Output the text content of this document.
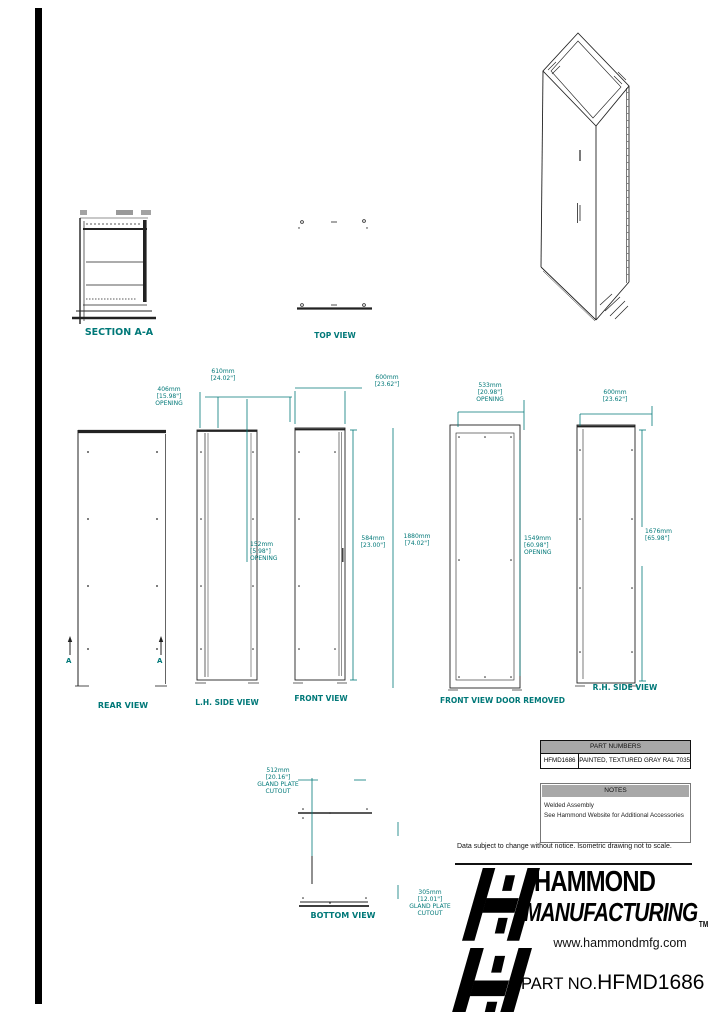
SECTION A-A	TOP VIEW
REAR VIEW	L.H. SIDE VIEW	FRONT VIEW	FRONT VIEW DOOR REMOVED
R.H. SIDE VIEW
BOTTOM VIEW
A	A
406mm
[15.98"]
OPENING
610mm
[24.02"]
152mm
[5.98"]
OPENING
600mm
[23.62"]
584mm
[23.00"]
1880mm
[74.02"]
533mm
[20.98"]
OPENING
1549mm
[60.98"]
OPENING
600mm
[23.62"]
1676mm
[65.98"]
512mm
[20.16"]
GLAND PLATE
CUTOUT
305mm
[12.01"]
GLAND PLATE
CUTOUT
PART NUMBERS
HFMD1686 PAINTED, TEXTURED GRAY RAL 7035
NOTES
Welded Assembly
See Hammond Website for Additional Accessories
Data subject to change without notice. Isometric drawing not to scale.
HAMMOND
MANUFACTURING $_{TM}$
www.hammondmfg.com
PART NO.HFMD1686
